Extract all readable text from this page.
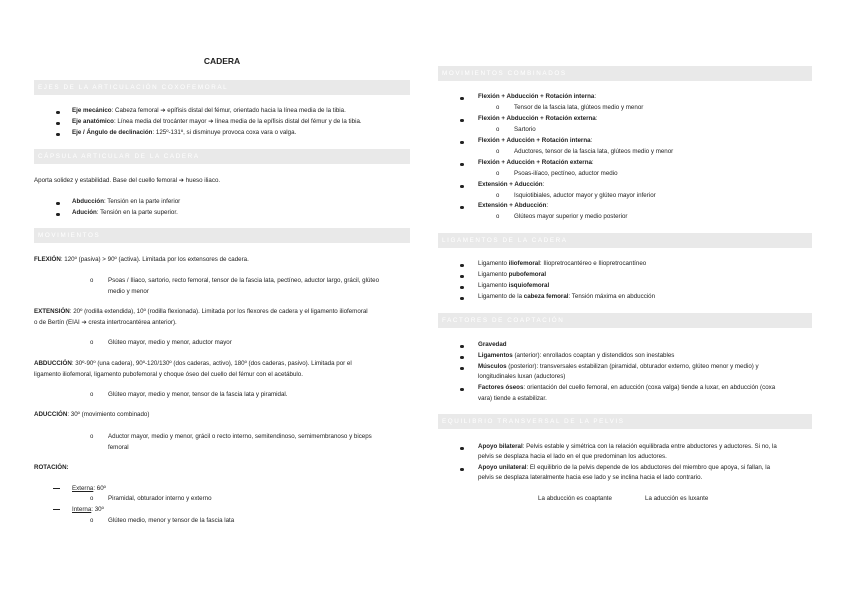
CADERA
EJES DE LA ARTICULACIÓN COXOFEMORAL
Eje mecánico: Cabeza femoral ➔ epífisis distal del fémur, orientado hacia la línea media de la tibia.
Eje anatómico: Línea media del trocánter mayor ➔ línea media de la epífisis distal del fémur y de la tibia.
Eje / Ángulo de declinación: 125º-131º, si disminuye provoca coxa vara o valga.
CÁPSULA ARTICULAR DE LA CADERA
Aporta solidez y estabilidad. Base del cuello femoral ➔ hueso iliaco.
Abducción: Tensión en la parte inferior
Adución: Tensión en la parte superior.
MOVIMIENTOS
FLEXIÓN: 120º (pasiva) > 90º (activa). Limitada por los extensores de cadera.
o Psoas / Iliaco, sartorio, recto femoral, tensor de la fascia lata, pectíneo, aductor largo, grácil, glúteo
medio y menor
EXTENSIÓN: 20º (rodilla extendida), 10º (rodilla flexionada). Limitada por los flexores de cadera y el ligamento iliofemoral
o de Bertín (EIAI ➔ cresta intertrocantérea anterior).
o Glúteo mayor, medio y menor, aductor mayor
ABDUCCIÓN: 30º-90º (una cadera), 90º-120/130º (dos caderas, activo), 180º (dos caderas, pasivo). Limitada por el
ligamento iliofemoral, ligamento pubofemoral y choque óseo del cuello del fémur con el acetábulo.
o Glúteo mayor, medio y menor, tensor de la fascia lata y piramidal.
ADUCCIÓN: 30º (movimiento combinado)
o Aductor mayor, medio y menor, grácil o recto interno, semitendinoso, semimembranoso y biceps
femoral
ROTACIÓN:
Externa: 60º
o Piramidal, obturador interno y externo
Interna: 30º
o Glúteo medio, menor y tensor de la fascia lata
MOVIMIENTOS COMBINADOS
Flexión + Abducción + Rotación interna:
o Tensor de la fascia lata, glúteos medio y menor
Flexión + Abducción + Rotación externa:
o Sartorio
Flexión + Aducción + Rotación interna:
o Aductores, tensor de la fascia lata, glúteos medio y menor
Flexión + Aducción + Rotación externa:
o Psoas-ilíaco, pectíneo, aductor medio
Extensión + Aducción:
o Isquiotibiales, aductor mayor y glúteo mayor inferior
Extensión + Abducción:
o Glúteos mayor superior y medio posterior
LIGAMENTOS DE LA CADERA
Ligamento iliofemoral: Iliopretrocantéreo e Iliopretrocantíneo
Ligamento pubofemoral
Ligamento isquiofemoral
Ligamento de la cabeza femoral: Tensión máxima en abducción
FACTORES DE COAPTACIÓN
Gravedad
Ligamentos (anterior): enrollados coaptan y distendidos son inestables
Músculos (posterior): transversales estabilizan (piramidal, obturador externo, glúteo menor y medio) y
longitudinales luxan (aductores)
Factores óseos: orientación del cuello femoral, en aducción (coxa valga) tiende a luxar, en abducción (coxa
vara) tiende a estabilizar.
EQUILIBRIO TRANSVERSAL DE LA PELVIS
Apoyo bilateral: Pelvis estable y simétrica con la relación equilibrada entre abductores y aductores. Si no, la
pelvis se desplaza hacia el lado en el que predominan los aductores.
Apoyo unilateral: El equilibrio de la pelvis depende de los abductores del miembro que apoya, si fallan, la
pelvis se desplaza lateralmente hacia ese lado y se inclina hacia el lado contrario.
La abducción es coaptante	La aducción es luxante
